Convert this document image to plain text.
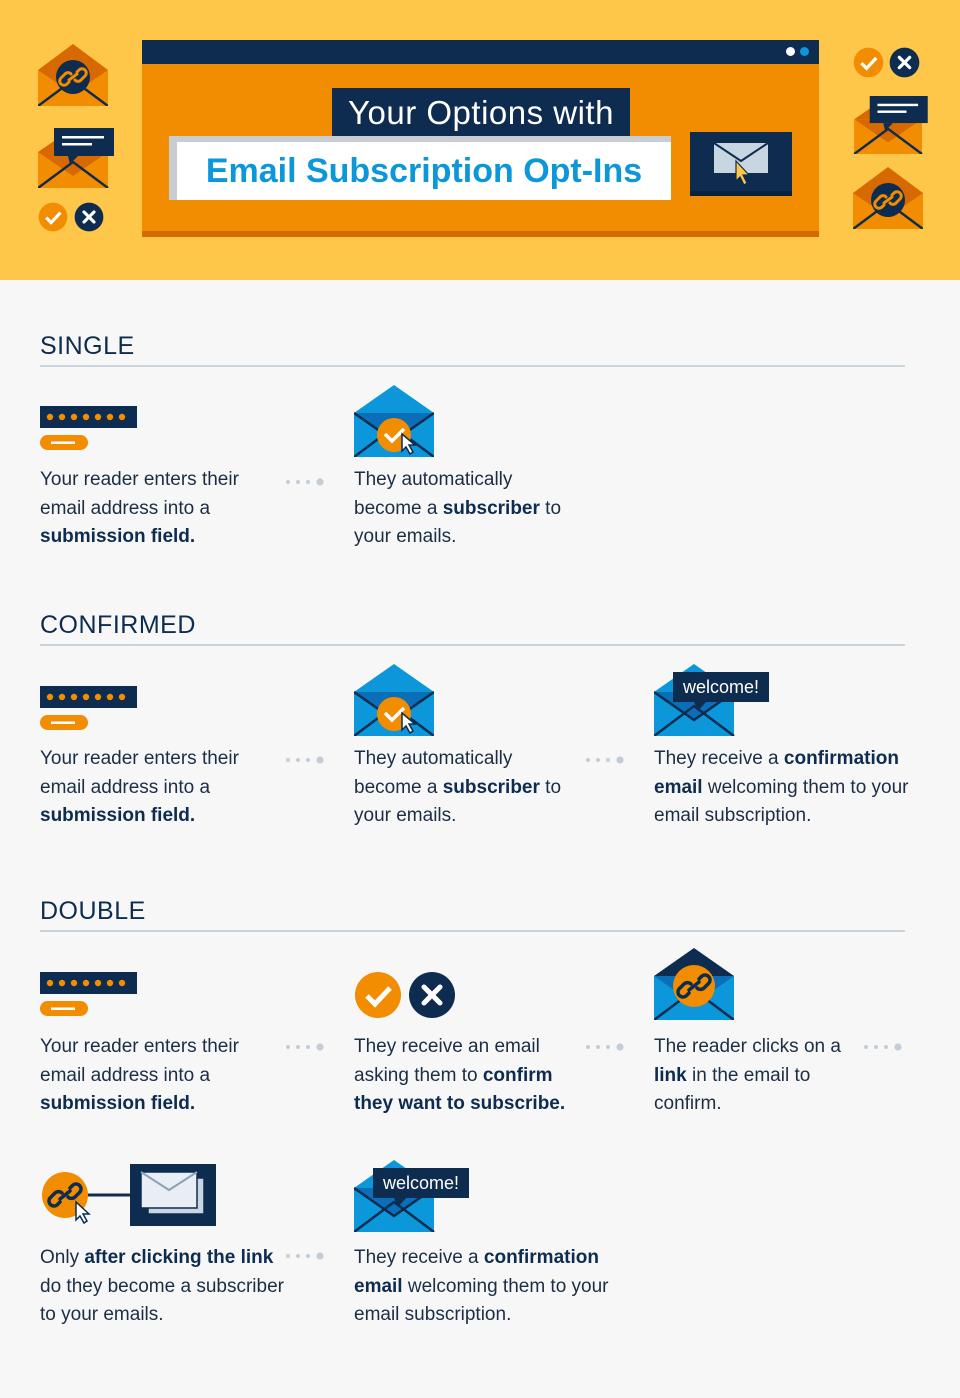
Your Options with
Email Subscription Opt-Ins
SINGLE
Your reader enters their email address into a submission field.
They automatically become a subscriber to your emails.
CONFIRMED
Your reader enters their email address into a submission field.
They automatically become a subscriber to your emails.
welcome!
They receive a confirmation email welcoming them to your email subscription.
DOUBLE
Your reader enters their email address into a submission field.
They receive an email asking them to confirm they want to subscribe.
The reader clicks on a link in the email to confirm.
Only after clicking the link do they become a subscriber to your emails.
welcome!
They receive a confirmation email welcoming them to your email subscription.
